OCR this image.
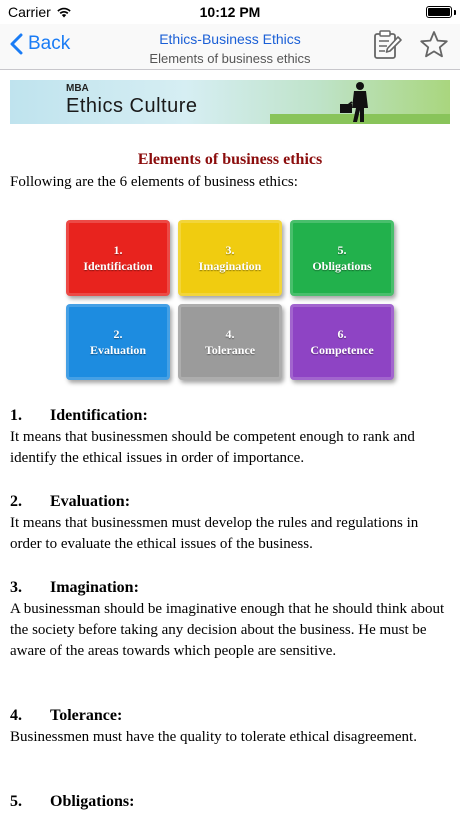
Carrier	10:12 PM
Back	Ethics-Business Ethics
Elements of business ethics
MBA
Ethics Culture
Elements of business ethics
Following are the 6 elements of business ethics:
1.
Identification
3.
Imagination
5.
Obligations
2.
Evaluation
4.
Tolerance
6.
Competence
1. Identification:
It means that businessmen should be competent enough to rank and identify the ethical issues in order of importance.
2. Evaluation:
It means that businessmen must develop the rules and regulations in order to evaluate the ethical issues of the business.
3. Imagination:
A businessman should be imaginative enough that he should think about the society before taking any decision about the business. He must be aware of the areas towards which people are sensitive.
4. Tolerance:
Businessmen must have the quality to tolerate ethical disagreement.
5. Obligations:
